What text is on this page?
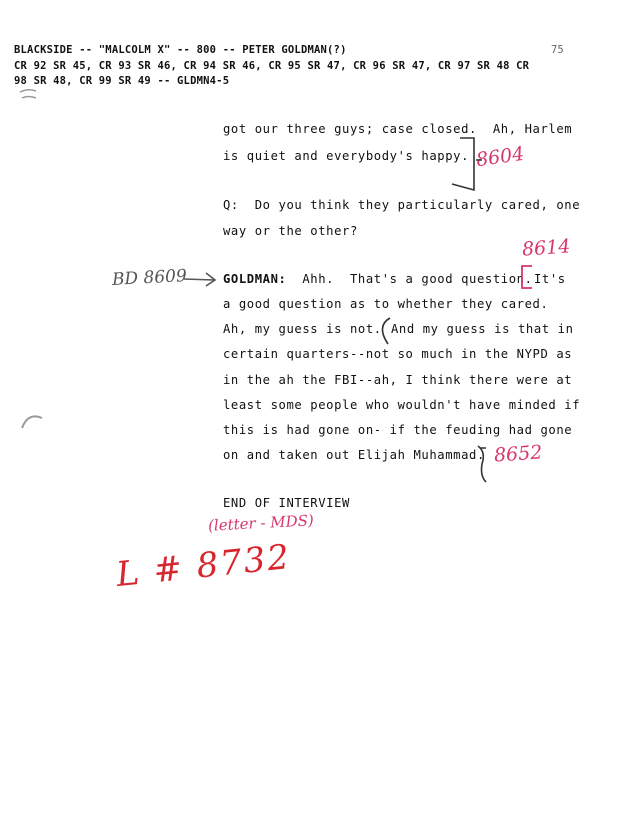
BLACKSIDE -- "MALCOLM X" -- 800 -- PETER GOLDMAN(?)	75
CR 92 SR 45, CR 93 SR 46, CR 94 SR 46, CR 95 SR 47, CR 96 SR 47, CR 97 SR 48 CR
98 SR 48, CR 99 SR 49 -- GLDMN4-5
got our three guys; case closed.  Ah, Harlem
is quiet and everybody's happy.
Q:  Do you think they particularly cared, one
way or the other?
GOLDMAN:  Ahh.  That's a good question. It's
a good question as to whether they cared.
Ah, my guess is not. And my guess is that in
certain quarters--not so much in the NYPD as
in the ah the FBI--ah, I think there were at
least some people who wouldn't have minded if
this is had gone on- if the feuding had gone
on and taken out Elijah Muhammad.
END OF INTERVIEW
8604
8614
BD 8609
8652
(letter - MDS)
L # 8732
